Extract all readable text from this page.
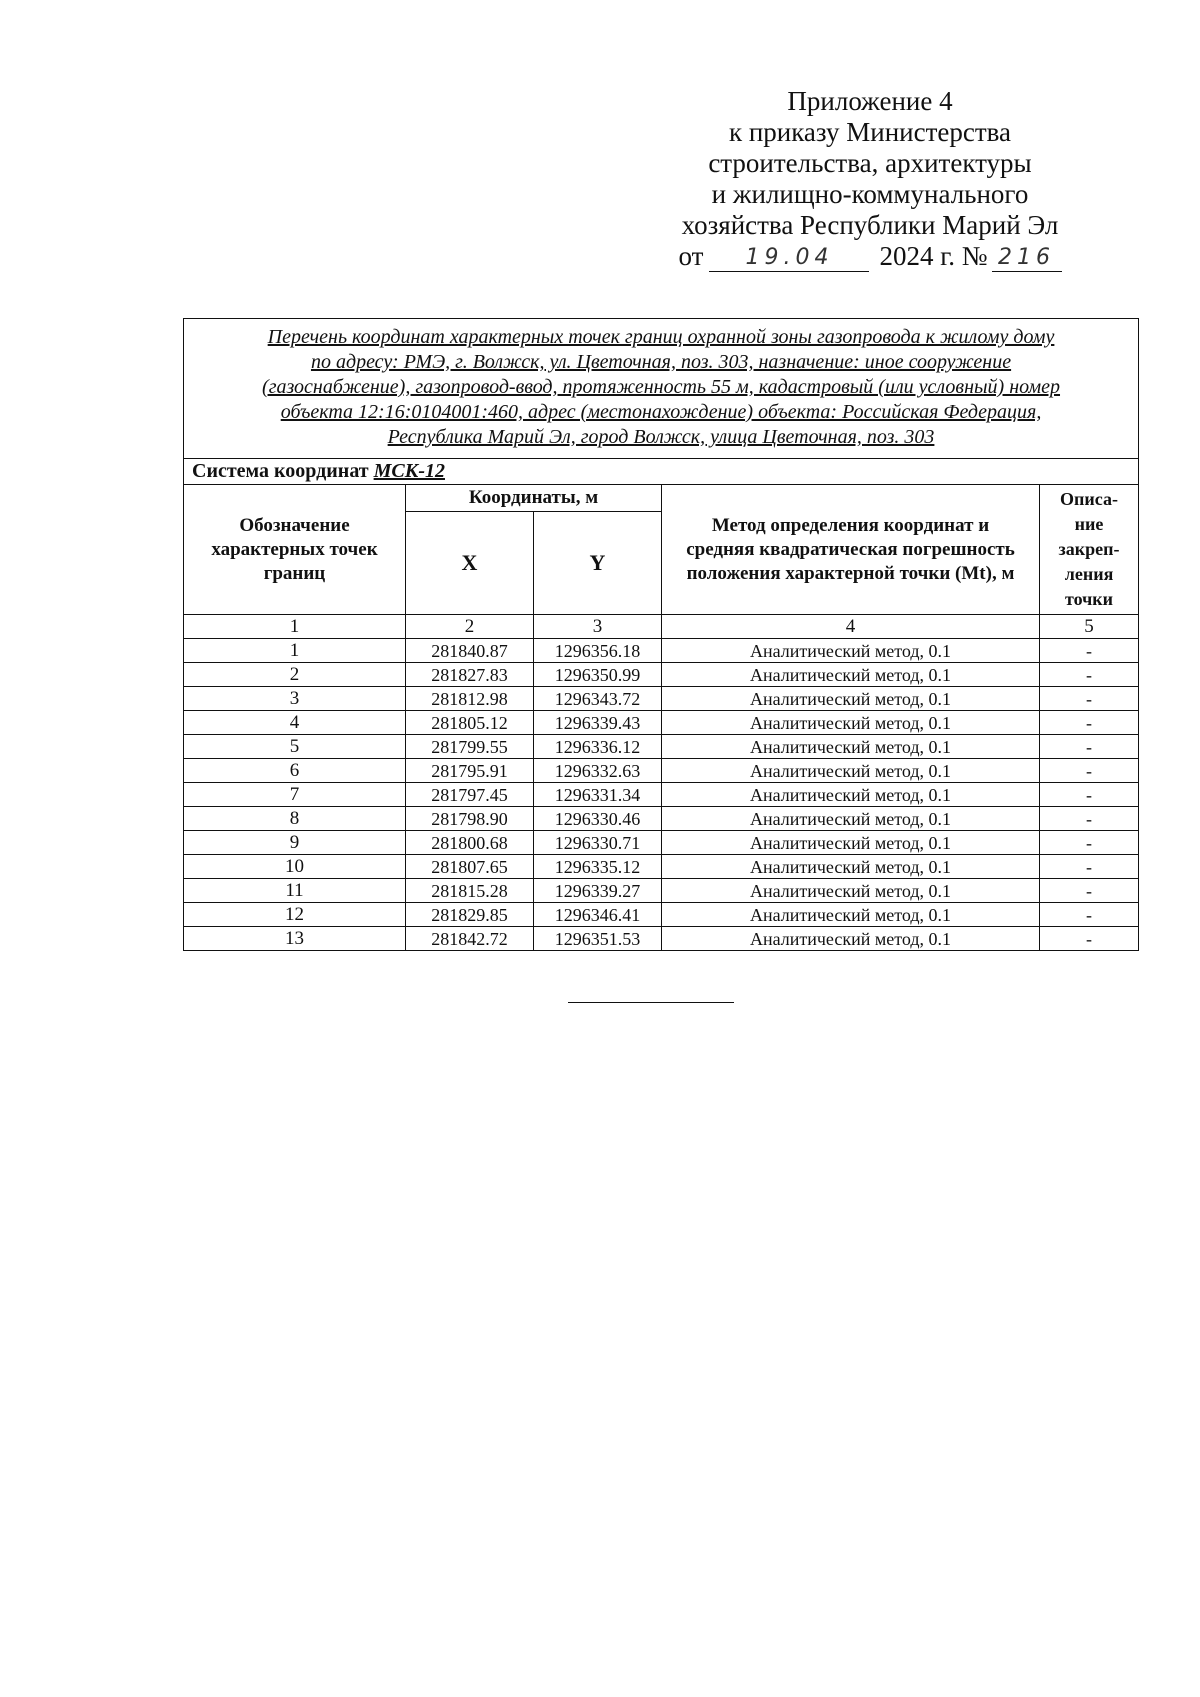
Приложение 4
к приказу Министерства
строительства, архитектуры
и жилищно-коммунального
хозяйства Республики Марий Эл
от	19.04	2024 г. № 216
Перечень координат характерных точек границ охранной зоны газопровода к жилому дому
по адресу: РМЭ, г. Волжск, ул. Цветочная, поз. 303, назначение: иное сооружение
(газоснабжение), газопровод-ввод, протяженность 55 м, кадастровый (или условный) номер
объекта 12:16:0104001:460, адрес (местонахождение) объекта: Российская Федерация,
Республика Марий Эл, город Волжск, улица Цветочная, поз. 303				

Система координат МСК-12				
Обозначение характерных точек границ	Координаты, м		Метод определения координат и средняя квадратическая погрешность положения характерной точки (Mt), м	Описа-
ние
закреп-
ления
точки

	X	Y		
1	2	3	4	5
1	281840.87	1296356.18	Аналитический метод, 0.1	-
2	281827.83	1296350.99	Аналитический метод, 0.1	-
3	281812.98	1296343.72	Аналитический метод, 0.1	-
4	281805.12	1296339.43	Аналитический метод, 0.1	-
5	281799.55	1296336.12	Аналитический метод, 0.1	-
6	281795.91	1296332.63	Аналитический метод, 0.1	-
7	281797.45	1296331.34	Аналитический метод, 0.1	-
8	281798.90	1296330.46	Аналитический метод, 0.1	-
9	281800.68	1296330.71	Аналитический метод, 0.1	-
10	281807.65	1296335.12	Аналитический метод, 0.1	-
11	281815.28	1296339.27	Аналитический метод, 0.1	-
12	281829.85	1296346.41	Аналитический метод, 0.1	-
13	281842.72	1296351.53	Аналитический метод, 0.1	-
